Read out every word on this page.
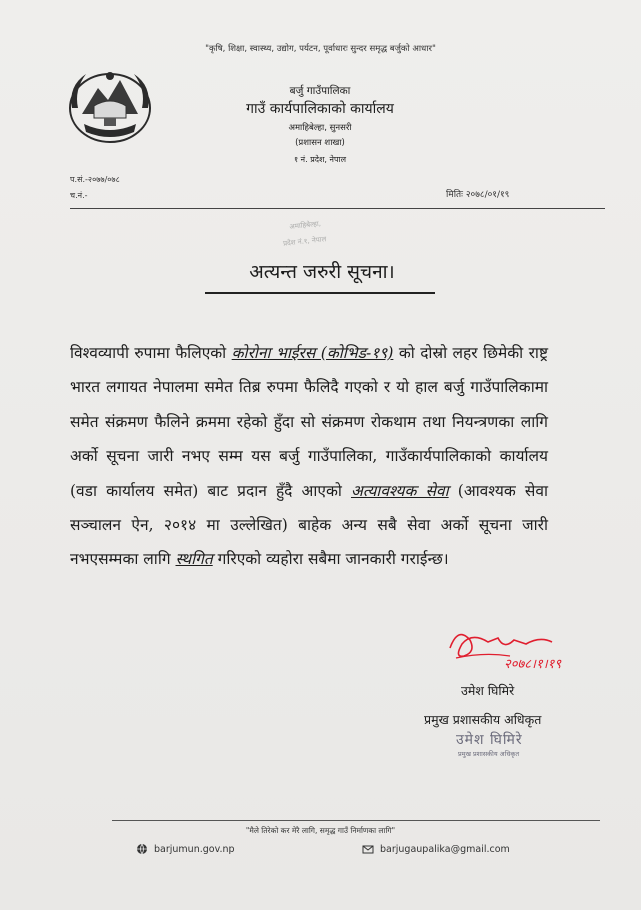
"कृषि, शिक्षा, स्वास्थ्य, उद्योग, पर्यटन, पूर्वाधारः सुन्दर समृद्ध बर्जुको आधार"
बर्जु गाउँपालिका
गाउँ कार्यपालिकाको कार्यालय
अमाहिबेल्हा, सुनसरी
(प्रशासन शाखा)
१ नं. प्रदेश, नेपाल
प.सं.-२०७७/०७८
च.नं.-	मितिः २०७८/०१/१९
अमाहिबेल्हा,
प्रदेश नं.१, नेपाल
अत्यन्त जरुरी सूचना।
विश्वव्यापी रुपामा फैलिएको कोरोना भाईरस (कोभिड-१९) को दोस्रो लहर छिमेकी राष्ट्र भारत लगायत नेपालमा समेत तिब्र रुपमा फैलिदै गएको र यो हाल बर्जु गाउँपालिकामा समेत संक्रमण फैलिने क्रममा रहेको हुँदा सो संक्रमण रोकथाम तथा नियन्त्रणका लागि अर्को सूचना जारी नभए सम्म यस बर्जु गाउँपालिका, गाउँकार्यपालिकाको कार्यालय (वडा कार्यालय समेत) बाट प्रदान हुँदै आएको अत्यावश्यक सेवा (आवश्यक सेवा सञ्चालन ऐन, २०१४ मा उल्लेखित) बाहेक अन्य सबै सेवा अर्को सूचना जारी नभएसम्मका लागि स्थगित गरिएको व्यहोरा सबैमा जानकारी गराईन्छ।
२०७८।१।१९
उमेश घिमिरे
प्रमुख प्रशासकीय अधिकृत
उमेश घिमिरे
प्रमुख प्रशासकीय अधिकृत
"मैले तिरेको कर मेरै लागि, समृद्ध गाउँ निर्माणका लागि"
barjumun.gov.np	barjugaupalika@gmail.com
